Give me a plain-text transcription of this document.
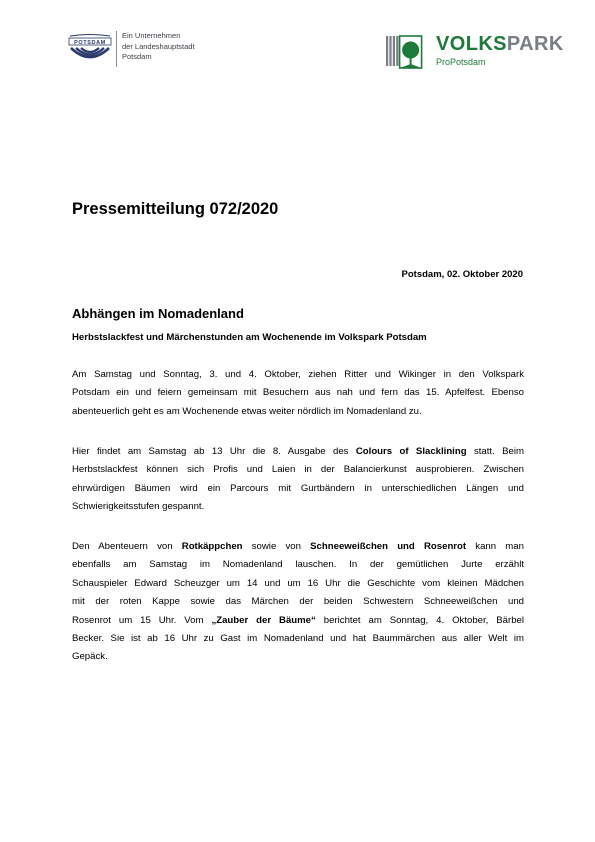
POTSDAM
Ein Unternehmen
der Landeshauptstadt
Potsdam
VOLKSPARK
ProPotsdam
Pressemitteilung 072/2020
Potsdam, 02. Oktober 2020
Abhängen im Nomadenland
Herbstslackfest und Märchenstunden am Wochenende im Volkspark Potsdam
Am Samstag und Sonntag, 3. und 4. Oktober, ziehen Ritter und Wikinger in den Volkspark
Potsdam ein und feiern gemeinsam mit Besuchern aus nah und fern das 15. Apfelfest. Ebenso
abenteuerlich geht es am Wochenende etwas weiter nördlich im Nomadenland zu.
Hier findet am Samstag ab 13 Uhr die 8. Ausgabe des Colours of Slacklining statt. Beim
Herbstslackfest können sich Profis und Laien in der Balancierkunst ausprobieren. Zwischen
ehrwürdigen Bäumen wird ein Parcours mit Gurtbändern in unterschiedlichen Längen und
Schwierigkeitsstufen gespannt.
Den Abenteuern von Rotkäppchen sowie von Schneeweißchen und Rosenrot kann man
ebenfalls am Samstag im Nomadenland lauschen. In der gemütlichen Jurte erzählt
Schauspieler Edward Scheuzger um 14 und um 16 Uhr die Geschichte vom kleinen Mädchen
mit der roten Kappe sowie das Märchen der beiden Schwestern Schneeweißchen und
Rosenrot um 15 Uhr. Vom „Zauber der Bäume“ berichtet am Sonntag, 4. Oktober, Bärbel
Becker. Sie ist ab 16 Uhr zu Gast im Nomadenland und hat Baummärchen aus aller Welt im
Gepäck.
